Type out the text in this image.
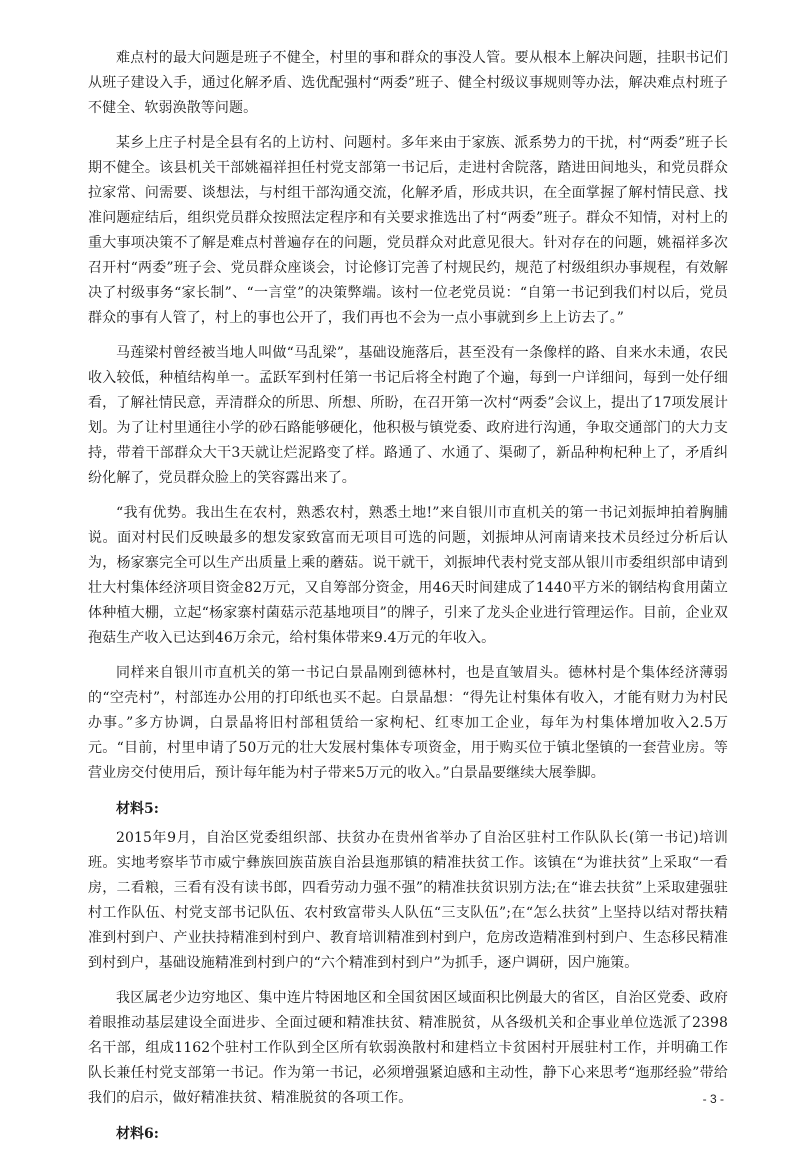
难点村的最大问题是班子不健全，村里的事和群众的事没人管。要从根本上解决问题，挂职书记们从班子建设入手，通过化解矛盾、选优配强村“两委”班子、健全村级议事规则等办法，解决难点村班子不健全、软弱涣散等问题。

某乡上庄子村是全县有名的上访村、问题村。多年来由于家族、派系势力的干扰，村“两委”班子长期不健全。该县机关干部姚福祥担任村党支部第一书记后，走进村舍院落，踏进田间地头，和党员群众拉家常、问需要、谈想法，与村组干部沟通交流，化解矛盾，形成共识，在全面掌握了解村情民意、找准问题症结后，组织党员群众按照法定程序和有关要求推选出了村“两委”班子。群众不知情，对村上的重大事项决策不了解是难点村普遍存在的问题，党员群众对此意见很大。针对存在的问题，姚福祥多次召开村“两委”班子会、党员群众座谈会，讨论修订完善了村规民约，规范了村级组织办事规程，有效解决了村级事务“家长制”、“一言堂”的决策弊端。该村一位老党员说：“自第一书记到我们村以后，党员群众的事有人管了，村上的事也公开了，我们再也不会为一点小事就到乡上上访去了。”

马莲梁村曾经被当地人叫做“马乱梁”，基础设施落后，甚至没有一条像样的路、自来水未通，农民收入较低，种植结构单一。孟跃军到村任第一书记后将全村跑了个遍，每到一户详细问，每到一处仔细看，了解社情民意，弄清群众的所思、所想、所盼，在召开第一次村“两委”会议上，提出了17项发展计划。为了让村里通往小学的砂石路能够硬化，他积极与镇党委、政府进行沟通，争取交通部门的大力支持，带着干部群众大干3天就让烂泥路变了样。路通了、水通了、渠砌了，新品种枸杞种上了，矛盾纠纷化解了，党员群众脸上的笑容露出来了。

“我有优势。我出生在农村，熟悉农村，熟悉土地!”来自银川市直机关的第一书记刘振坤拍着胸脯说。面对村民们反映最多的想发家致富而无项目可选的问题，刘振坤从河南请来技术员经过分析后认为，杨家寨完全可以生产出质量上乘的蘑菇。说干就干，刘振坤代表村党支部从银川市委组织部申请到壮大村集体经济项目资金82万元，又自筹部分资金，用46天时间建成了1440平方米的钢结构食用菌立体种植大棚，立起“杨家寨村菌菇示范基地项目”的牌子，引来了龙头企业进行管理运作。目前，企业双孢菇生产收入已达到46万余元，给村集体带来9.4万元的年收入。

同样来自银川市直机关的第一书记白景晶刚到德林村，也是直皱眉头。德林村是个集体经济薄弱的“空壳村”，村部连办公用的打印纸也买不起。白景晶想：“得先让村集体有收入，才能有财力为村民办事。”多方协调，白景晶将旧村部租赁给一家枸杞、红枣加工企业，每年为村集体增加收入2.5万元。“目前，村里申请了50万元的壮大发展村集体专项资金，用于购买位于镇北堡镇的一套营业房。等营业房交付使用后，预计每年能为村子带来5万元的收入。”白景晶要继续大展拳脚。

材料5:

2015年9月，自治区党委组织部、扶贫办在贵州省举办了自治区驻村工作队队长(第一书记)培训班。实地考察毕节市威宁彝族回族苗族自治县迤那镇的精准扶贫工作。该镇在“为谁扶贫”上采取“一看房，二看粮，三看有没有读书郎，四看劳动力强不强”的精准扶贫识别方法;在“谁去扶贫”上采取建强驻村工作队伍、村党支部书记队伍、农村致富带头人队伍“三支队伍”;在“怎么扶贫”上坚持以结对帮扶精准到村到户、产业扶持精准到村到户、教育培训精准到村到户，危房改造精准到村到户、生态移民精准到村到户，基础设施精准到村到户的“六个精准到村到户”为抓手，逐户调研，因户施策。

我区属老少边穷地区、集中连片特困地区和全国贫困区域面积比例最大的省区，自治区党委、政府着眼推动基层建设全面进步、全面过硬和精准扶贫、精准脱贫，从各级机关和企事业单位选派了2398名干部，组成1162个驻村工作队到全区所有软弱涣散村和建档立卡贫困村开展驻村工作，并明确工作队长兼任村党支部第一书记。作为第一书记，必须增强紧迫感和主动性，静下心来思考“迤那经验”带给我们的启示，做好精准扶贫、精准脱贫的各项工作。

材料6:

- 3 -
